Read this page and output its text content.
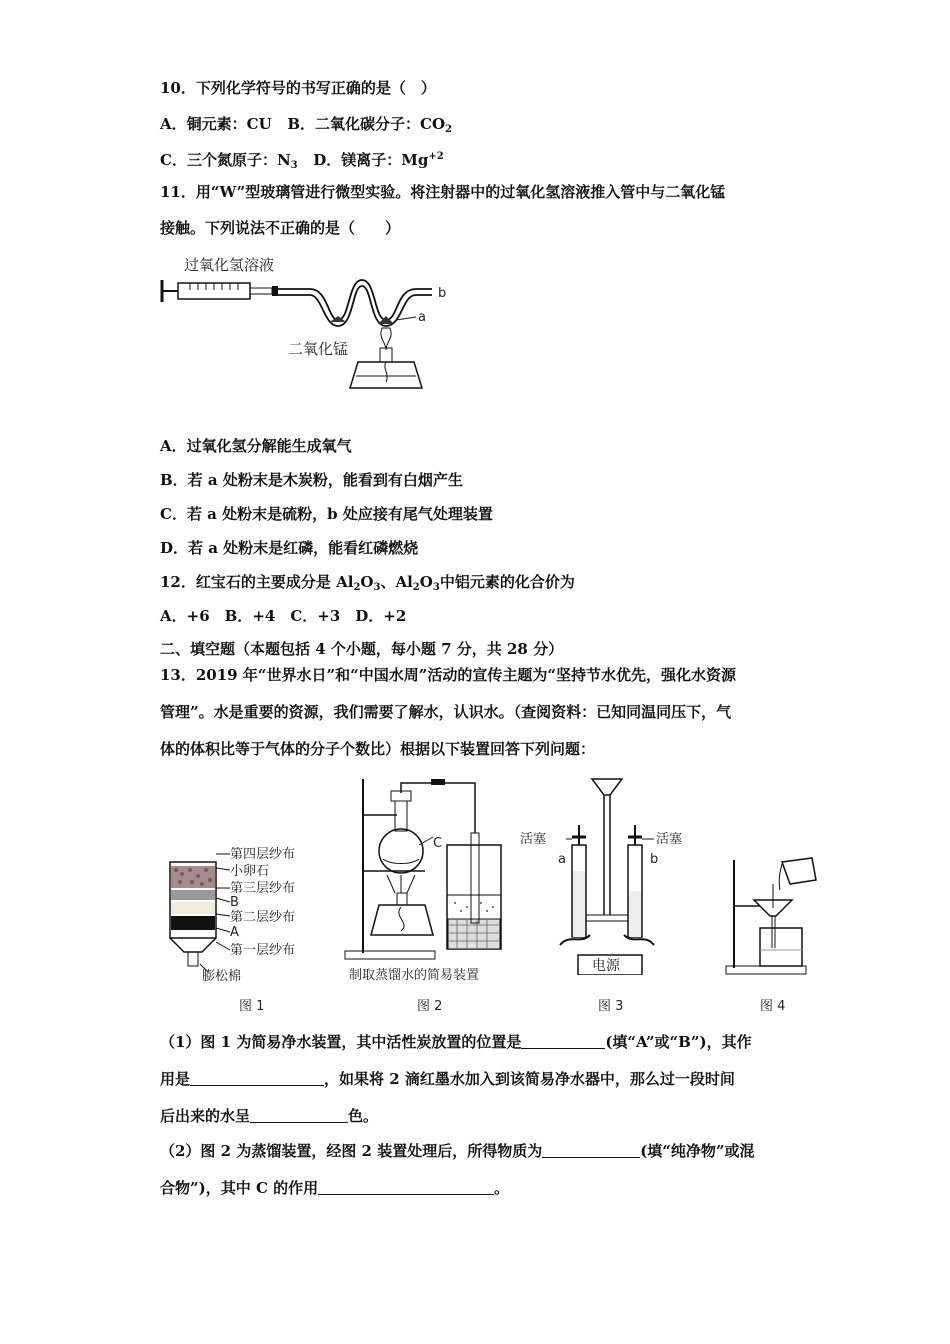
10．下列化学符号的书写正确的是（　）
A．铜元素：CU B．二氧化碳分子：$CO_2$
C．三个氮原子：$N_3$ D．镁离子：$Mg^{+2}$
11．用“W”型玻璃管进行微型实验。将注射器中的过氧化氢溶液推入管中与二氧化锰
接触。下列说法不正确的是（　　）
过氧化氢溶液
b
a
二氧化锰
A．过氧化氢分解能生成氧气
B．若 a 处粉末是木炭粉，能看到有白烟产生
C．若 a 处粉末是硫粉，b 处应接有尾气处理装置
D．若 a 处粉末是红磷，能看红磷燃烧
12．红宝石的主要成分是 $Al_2O_3$、$Al_2O_3$中铝元素的化合价为
A．+6　B．+4　C．+3　D．+2
二、填空题（本题包括 4 个小题，每小题 7 分，共 28 分）
13．2019 年“世界水日”和“中国水周”活动的宣传主题为“坚持节水优先，强化水资源
管理”。水是重要的资源，我们需要了解水，认识水。（查阅资料：已知同温同压下，气
体的体积比等于气体的分子个数比）根据以下装置回答下列问题：
第四层纱布
小卵石
第三层纱布
B
第二层纱布
A
第一层纱布
膨松棉
图 1
C
制取蒸馏水的简易装置
图 2
电源
活塞	活塞
a	b
图 3	图 4
（1）图 1 为简易净水装置，其中活性炭放置的位置是	(填“A”或“B”)，其作
用是	，如果将 2 滴红墨水加入到该简易净水器中，那么过一段时间
后出来的水呈	色。
（2）图 2 为蒸馏装置，经图 2 装置处理后，所得物质为	(填“纯净物”或混
合物”)，其中 C 的作用	。
